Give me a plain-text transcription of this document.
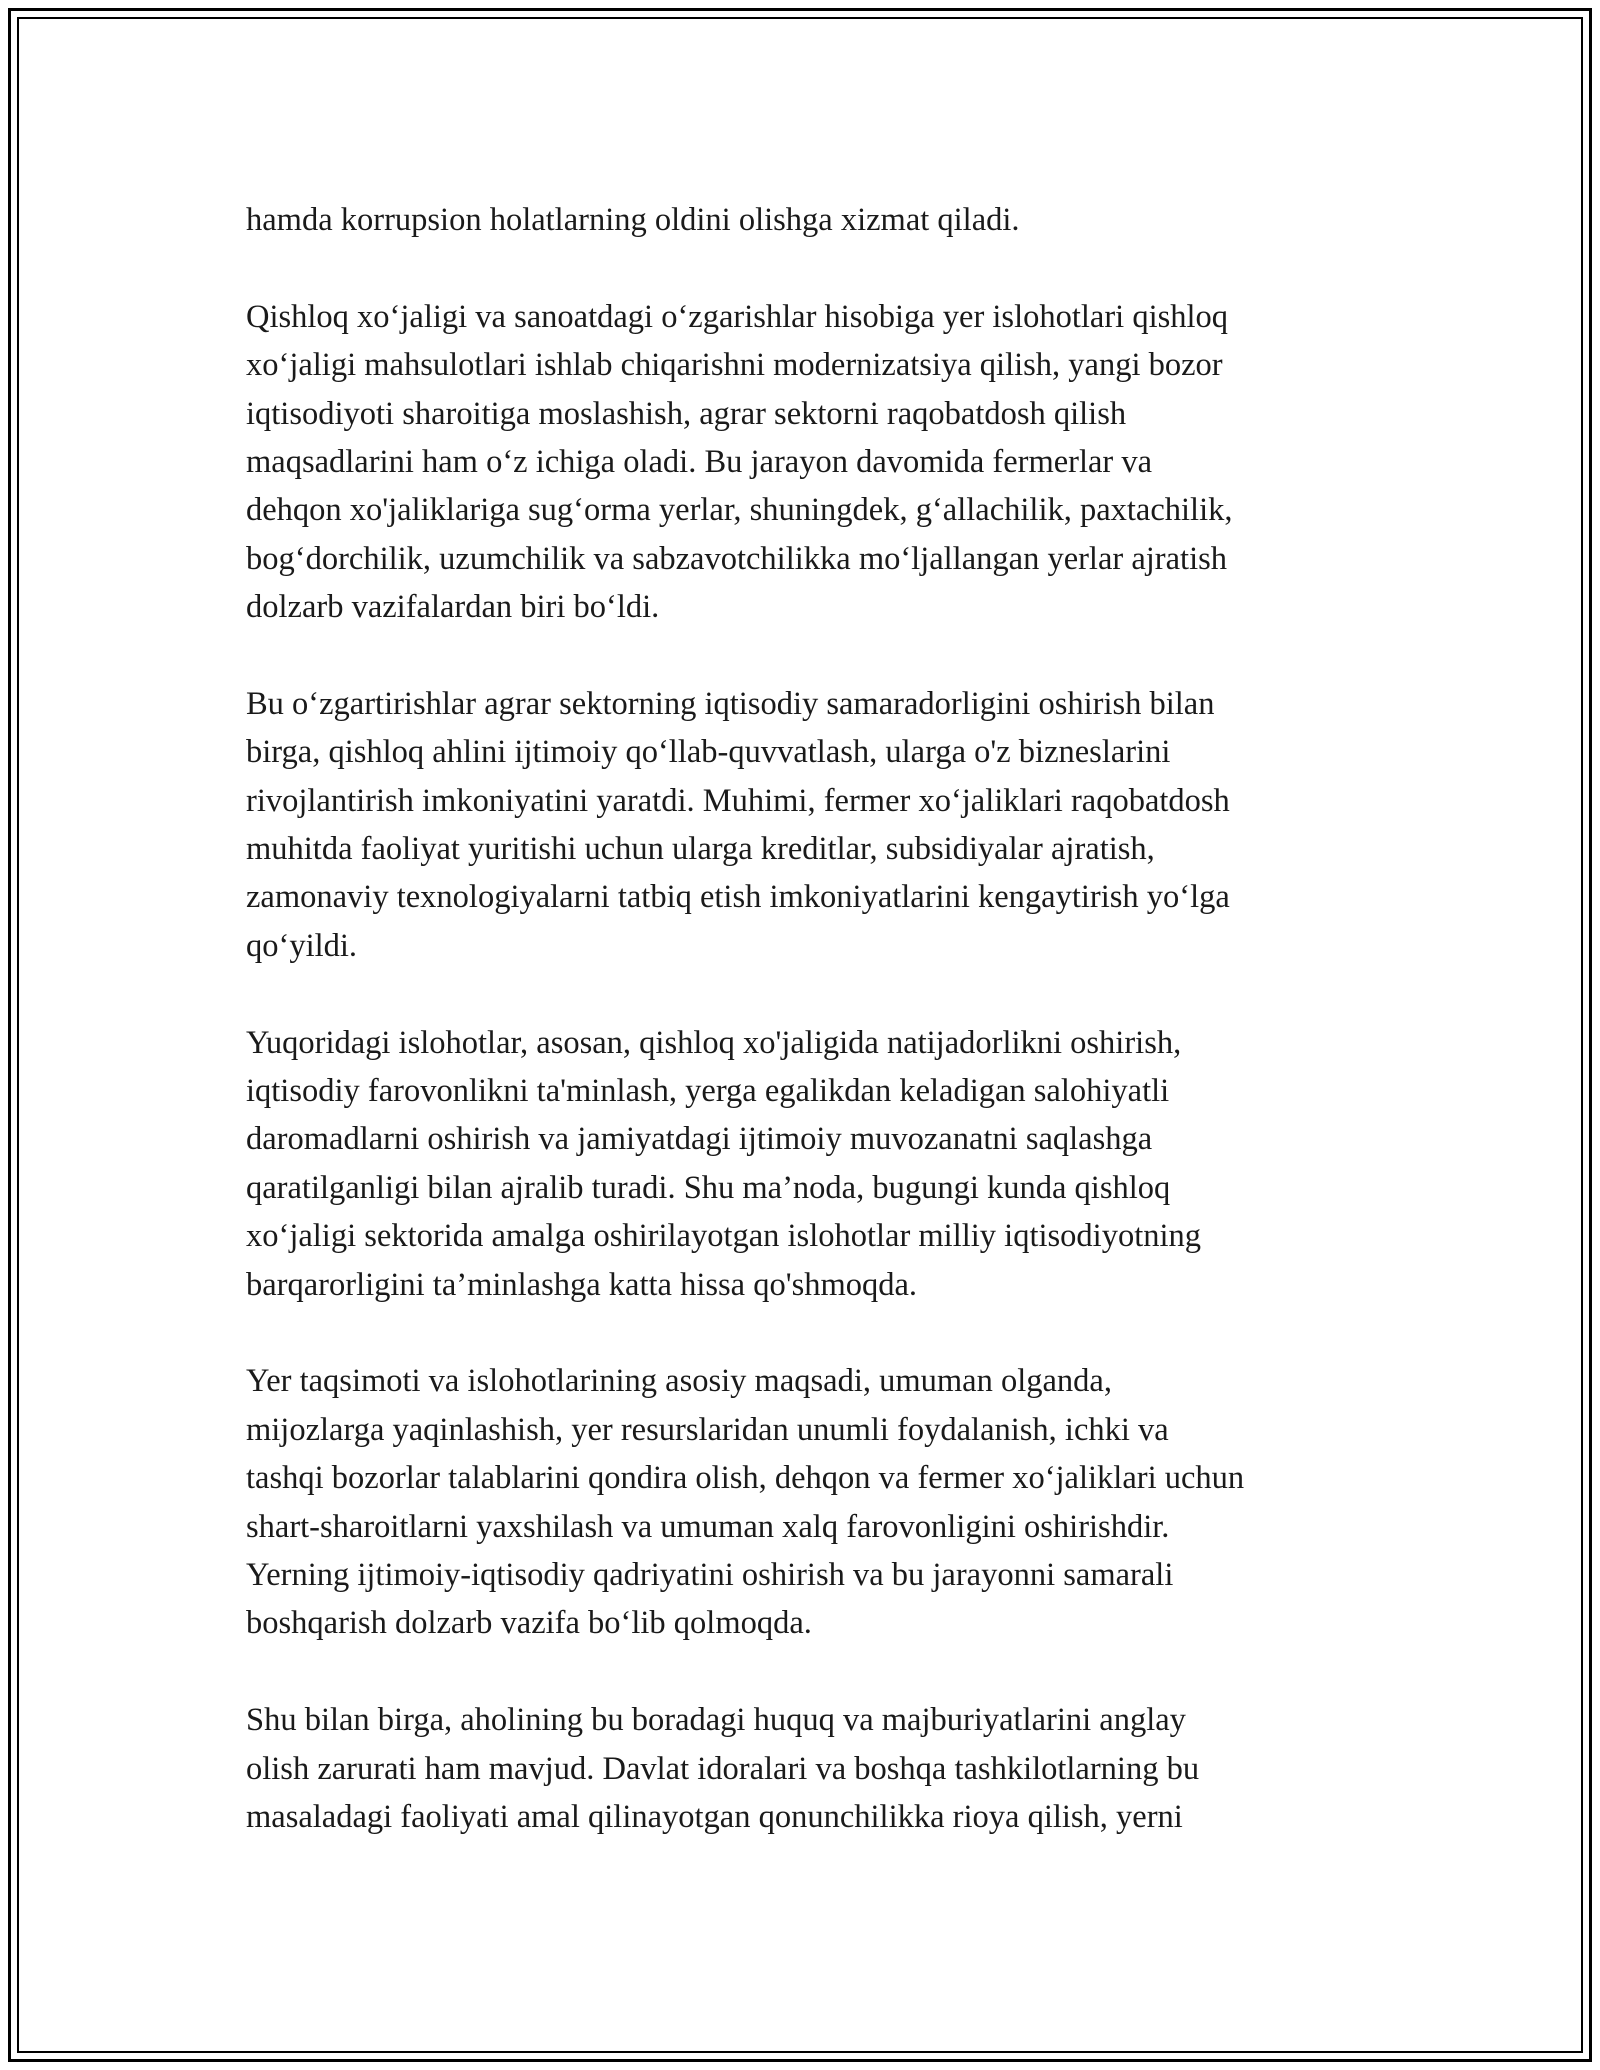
hamda korrupsion holatlarning oldini olishga xizmat qiladi.

Qishloq xo‘jaligi va sanoatdagi o‘zgarishlar hisobiga yer islohotlari qishloq
xo‘jaligi mahsulotlari ishlab chiqarishni modernizatsiya qilish, yangi bozor
iqtisodiyoti sharoitiga moslashish, agrar sektorni raqobatdosh qilish
maqsadlarini ham o‘z ichiga oladi. Bu jarayon davomida fermerlar va
dehqon xo'jaliklariga sug‘orma yerlar, shuningdek, g‘allachilik, paxtachilik,
bog‘dorchilik, uzumchilik va sabzavotchilikka mo‘ljallangan yerlar ajratish
dolzarb vazifalardan biri bo‘ldi.

Bu o‘zgartirishlar agrar sektorning iqtisodiy samaradorligini oshirish bilan
birga, qishloq ahlini ijtimoiy qo‘llab-quvvatlash, ularga o'z bizneslarini
rivojlantirish imkoniyatini yaratdi. Muhimi, fermer xo‘jaliklari raqobatdosh
muhitda faoliyat yuritishi uchun ularga kreditlar, subsidiyalar ajratish,
zamonaviy texnologiyalarni tatbiq etish imkoniyatlarini kengaytirish yo‘lga
qo‘yildi.

Yuqoridagi islohotlar, asosan, qishloq xo'jaligida natijadorlikni oshirish,
iqtisodiy farovonlikni ta'minlash, yerga egalikdan keladigan salohiyatli
daromadlarni oshirish va jamiyatdagi ijtimoiy muvozanatni saqlashga
qaratilganligi bilan ajralib turadi. Shu ma’noda, bugungi kunda qishloq
xo‘jaligi sektorida amalga oshirilayotgan islohotlar milliy iqtisodiyotning
barqarorligini ta’minlashga katta hissa qo'shmoqda.

Yer taqsimoti va islohotlarining asosiy maqsadi, umuman olganda,
mijozlarga yaqinlashish, yer resurslaridan unumli foydalanish, ichki va
tashqi bozorlar talablarini qondira olish, dehqon va fermer xo‘jaliklari uchun
shart-sharoitlarni yaxshilash va umuman xalq farovonligini oshirishdir.
Yerning ijtimoiy-iqtisodiy qadriyatini oshirish va bu jarayonni samarali
boshqarish dolzarb vazifa bo‘lib qolmoqda.

Shu bilan birga, aholining bu boradagi huquq va majburiyatlarini anglay
olish zarurati ham mavjud. Davlat idoralari va boshqa tashkilotlarning bu
masaladagi faoliyati amal qilinayotgan qonunchilikka rioya qilish, yerni
